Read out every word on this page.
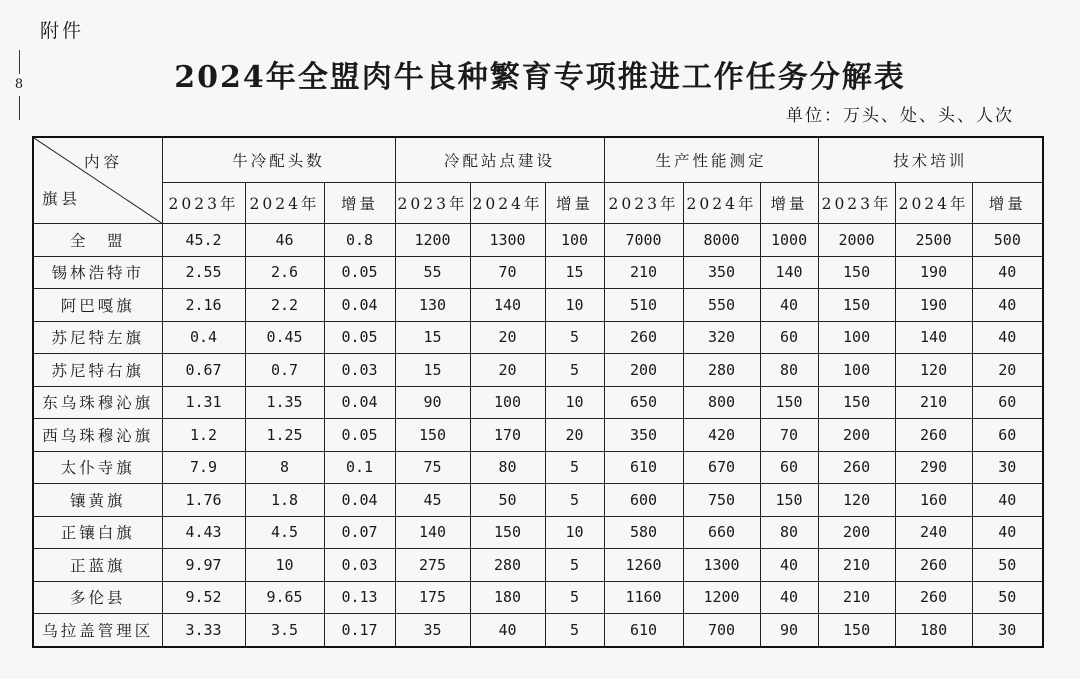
附件
8	2024年全盟肉牛良种繁育专项推进工作任务分解表
单位：万头、处、头、人次
内容
旗县	牛冷配头数			冷配站点建设			生产性能测定			技术培训		
	2023年	2024年	增量	2023年	2024年	增量	2023年	2024年	增量	2023年	2024年	增量
全　盟	45.2	46	0.8	1200	1300	100	7000	8000	1000	2000	2500	500
锡林浩特市	2.55	2.6	0.05	55	70	15	210	350	140	150	190	40
阿巴嘎旗	2.16	2.2	0.04	130	140	10	510	550	40	150	190	40
苏尼特左旗	0.4	0.45	0.05	15	20	5	260	320	60	100	140	40
苏尼特右旗	0.67	0.7	0.03	15	20	5	200	280	80	100	120	20
东乌珠穆沁旗	1.31	1.35	0.04	90	100	10	650	800	150	150	210	60
西乌珠穆沁旗	1.2	1.25	0.05	150	170	20	350	420	70	200	260	60
太仆寺旗	7.9	8	0.1	75	80	5	610	670	60	260	290	30
镶黄旗	1.76	1.8	0.04	45	50	5	600	750	150	120	160	40
正镶白旗	4.43	4.5	0.07	140	150	10	580	660	80	200	240	40
正蓝旗	9.97	10	0.03	275	280	5	1260	1300	40	210	260	50
多伦县	9.52	9.65	0.13	175	180	5	1160	1200	40	210	260	50
乌拉盖管理区	3.33	3.5	0.17	35	40	5	610	700	90	150	180	30
